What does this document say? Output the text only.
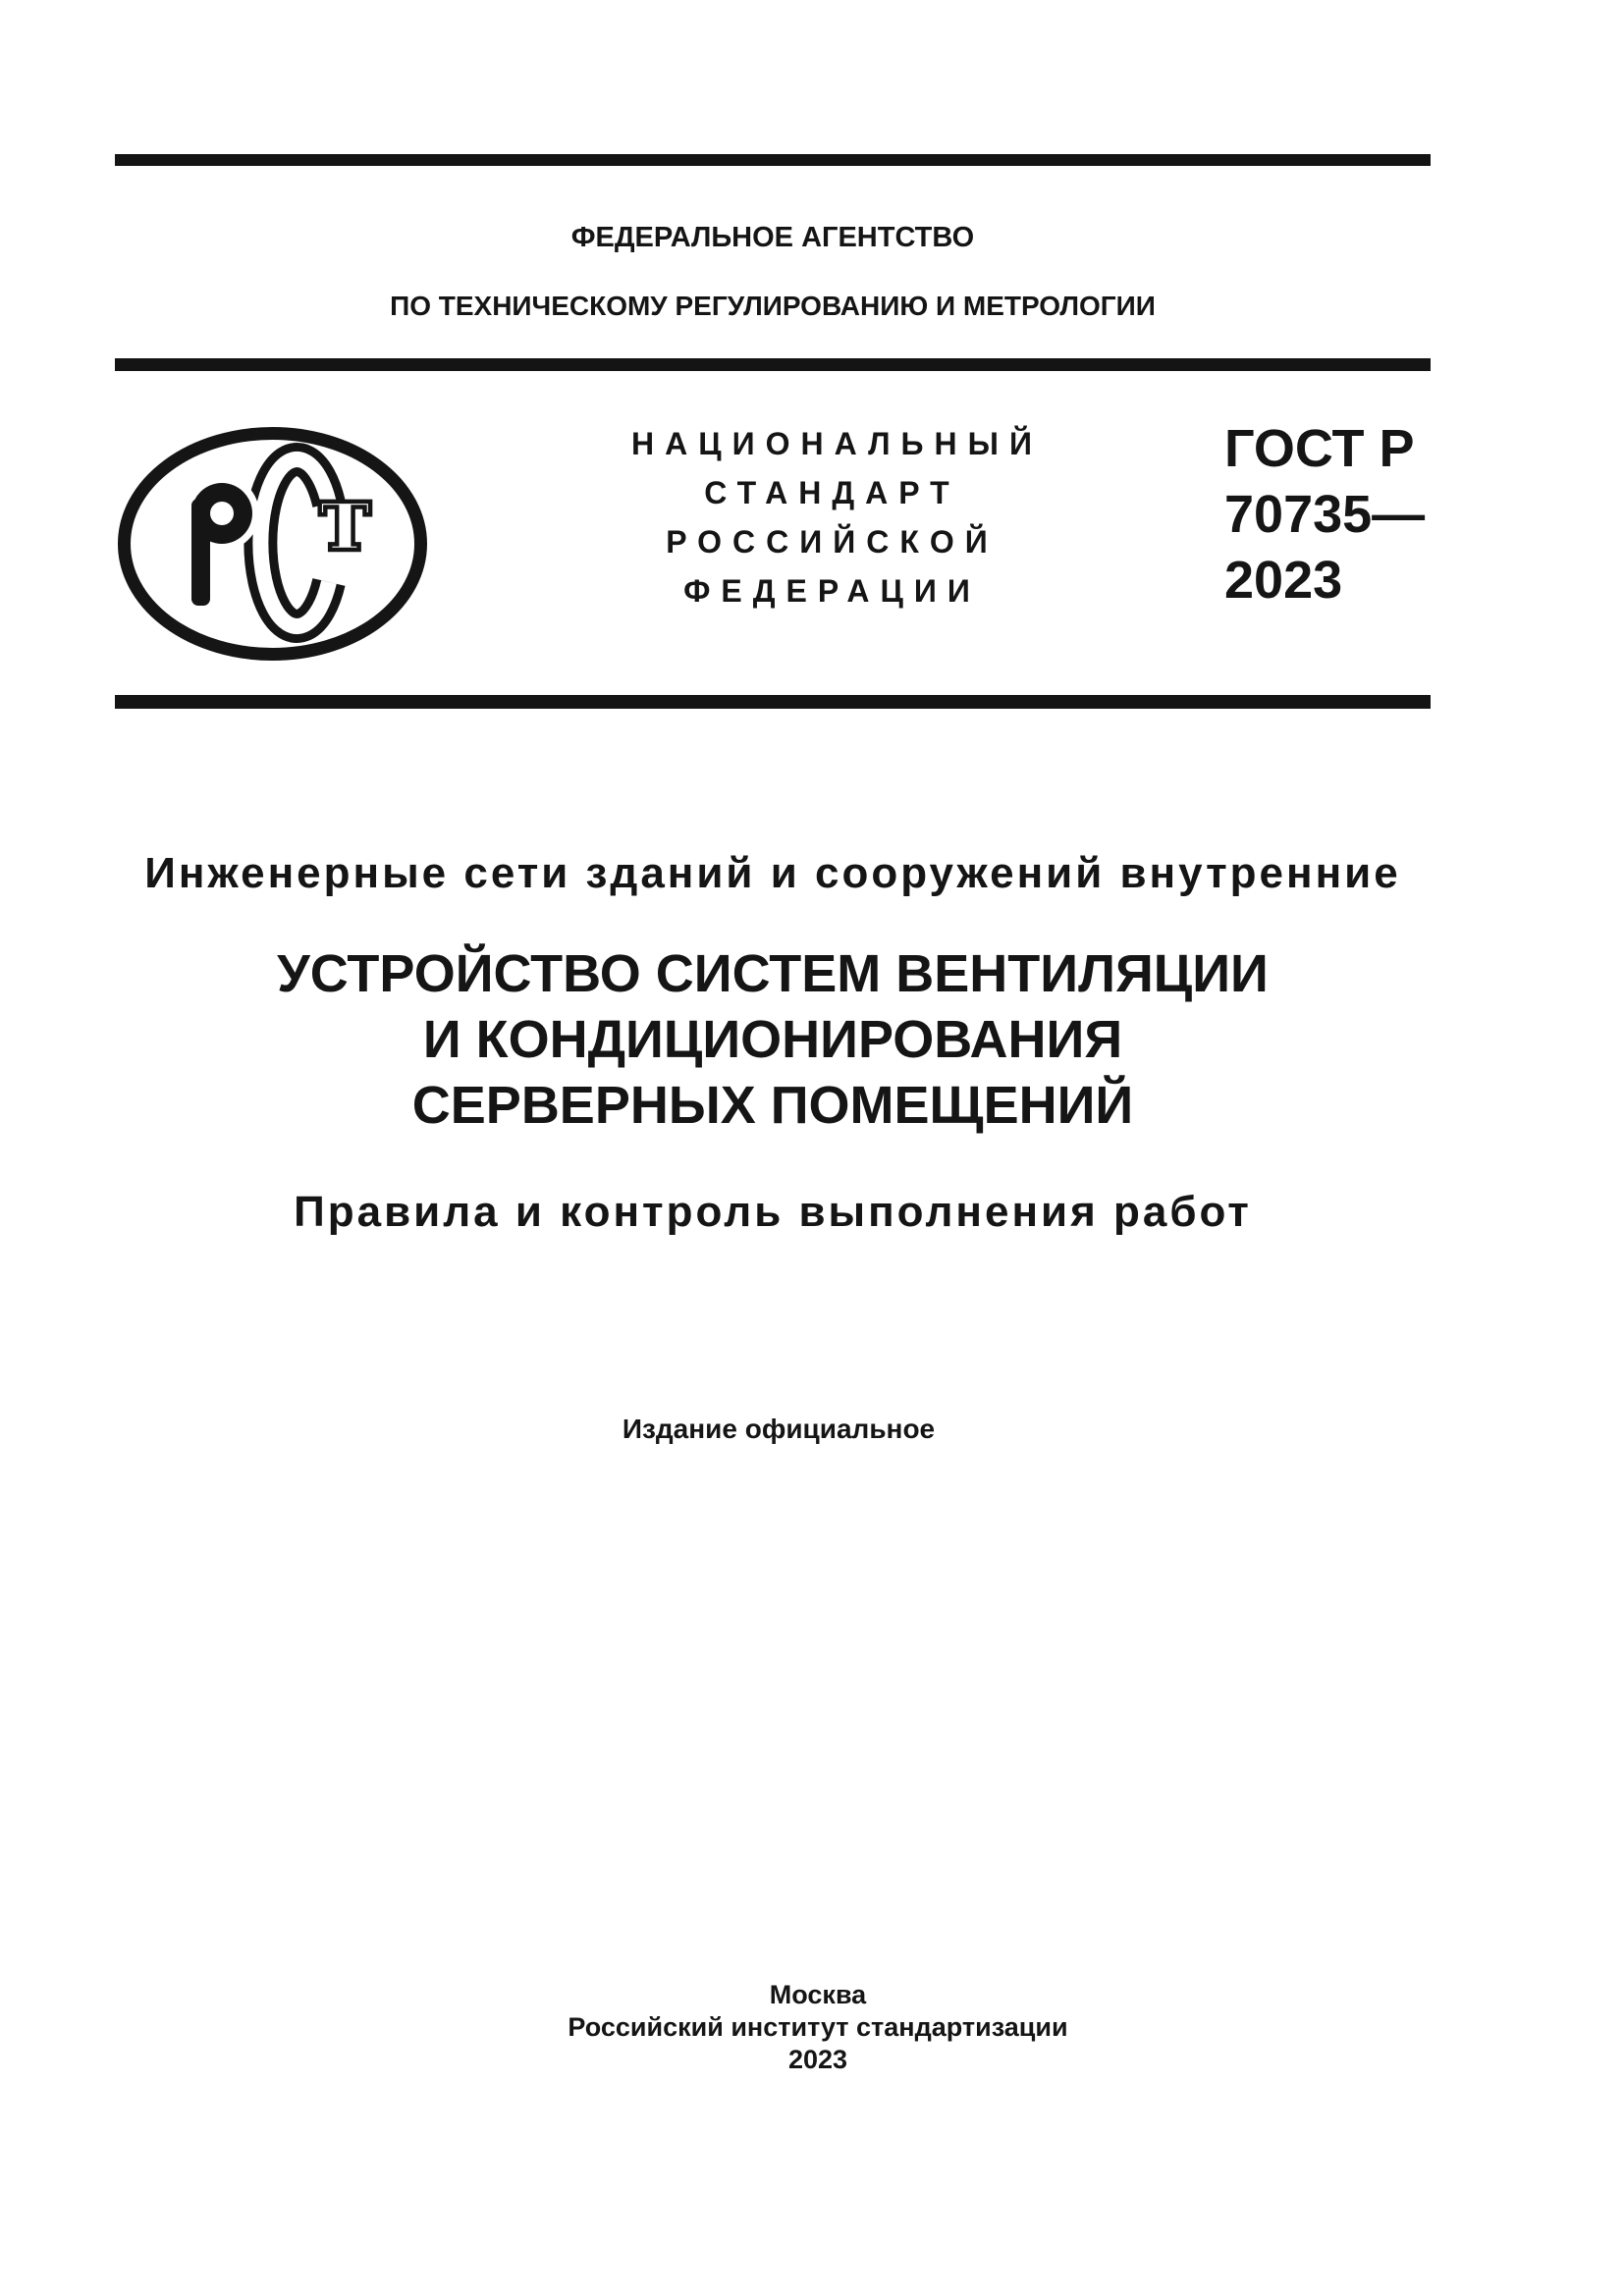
ФЕДЕРАЛЬНОЕ АГЕНТСТВО
ПО ТЕХНИЧЕСКОМУ РЕГУЛИРОВАНИЮ И МЕТРОЛОГИИ
т
НАЦИОНАЛЬНЫЙ
СТАНДАРТ
РОССИЙСКОЙ
ФЕДЕРАЦИИ
ГОСТ Р
70735—
2023
Инженерные сети зданий и сооружений внутренние
УСТРОЙСТВО СИСТЕМ ВЕНТИЛЯЦИИ
И КОНДИЦИОНИРОВАНИЯ
СЕРВЕРНЫХ ПОМЕЩЕНИЙ
Правила и контроль выполнения работ
Издание официальное
Москва
Российский институт стандартизации
2023
